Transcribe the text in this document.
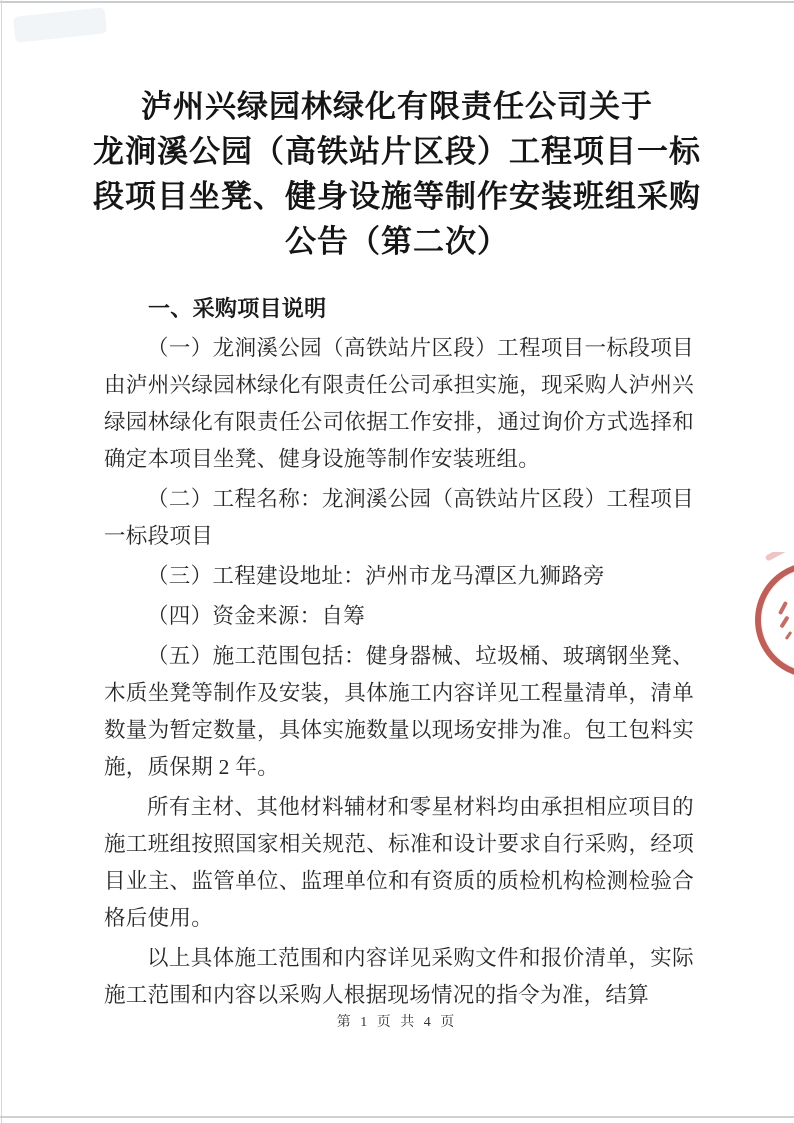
泸州兴绿园林绿化有限责任公司关于
龙涧溪公园（高铁站片区段）工程项目一标
段项目坐凳、健身设施等制作安装班组采购
公告（第二次）

一、采购项目说明

（一）龙涧溪公园（高铁站片区段）工程项目一标段项目由泸州兴绿园林绿化有限责任公司承担实施，现采购人泸州兴绿园林绿化有限责任公司依据工作安排，通过询价方式选择和确定本项目坐凳、健身设施等制作安装班组。

（二）工程名称：龙涧溪公园（高铁站片区段）工程项目一标段项目

（三）工程建设地址：泸州市龙马潭区九狮路旁

（四）资金来源：自筹

（五）施工范围包括：健身器械、垃圾桶、玻璃钢坐凳、木质坐凳等制作及安装，具体施工内容详见工程量清单，清单数量为暂定数量，具体实施数量以现场安排为准。包工包料实施，质保期 2 年。

所有主材、其他材料辅材和零星材料均由承担相应项目的施工班组按照国家相关规范、标准和设计要求自行采购，经项目业主、监管单位、监理单位和有资质的质检机构检测检验合格后使用。

以上具体施工范围和内容详见采购文件和报价清单，实际施工范围和内容以采购人根据现场情况的指令为准，结算

第 1 页 共 4 页
